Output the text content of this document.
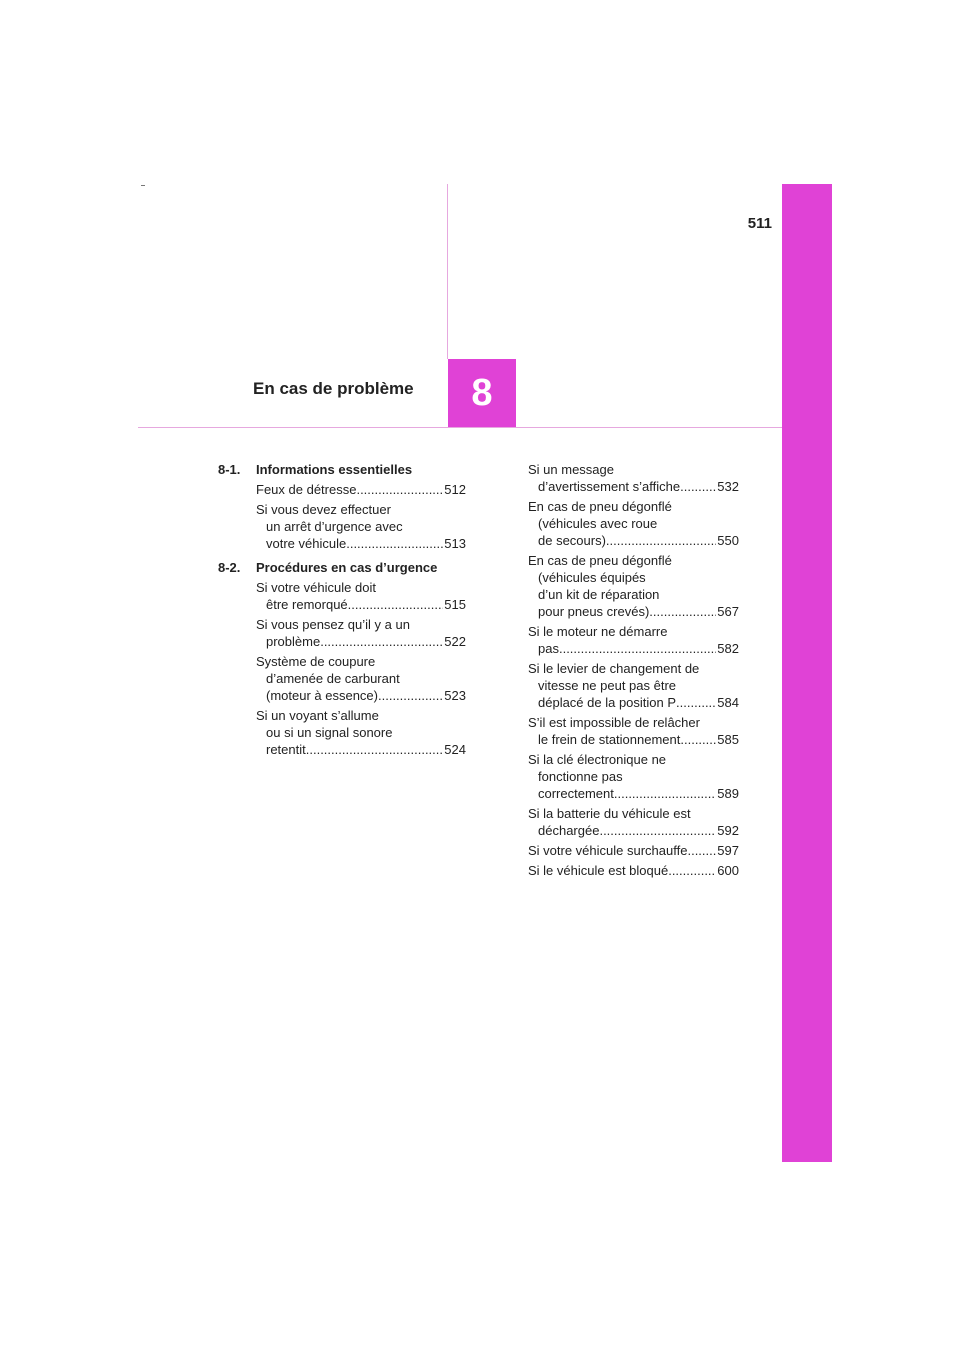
511
En cas de problème 8
8-1. Informations essentielles
Feux de détresse .....	512
Si vous devez effectuer
un arrêt d’urgence avec
votre véhicule .....	513
8-2. Procédures en cas d’urgence
Si votre véhicule doit
être remorqué .....	515
Si vous pensez qu’il y a un
problème .....	522
Système de coupure
d’amenée de carburant
(moteur à essence) .....	523
Si un voyant s’allume
ou si un signal sonore
retentit .....	524
Si un message
d’avertissement s’affiche .....	532
En cas de pneu dégonflé
(véhicules avec roue
de secours) .....	550
En cas de pneu dégonflé
(véhicules équipés
d’un kit de réparation
pour pneus crevés) .....	567
Si le moteur ne démarre
pas .....	582
Si le levier de changement de
vitesse ne peut pas être
déplacé de la position P .....	584
S’il est impossible de relâcher
le frein de stationnement .....	585
Si la clé électronique ne
fonctionne pas
correctement .....	589
Si la batterie du véhicule est
déchargée .....	592
Si votre véhicule surchauffe ..... 597
Si le véhicule est bloqué .....	600
